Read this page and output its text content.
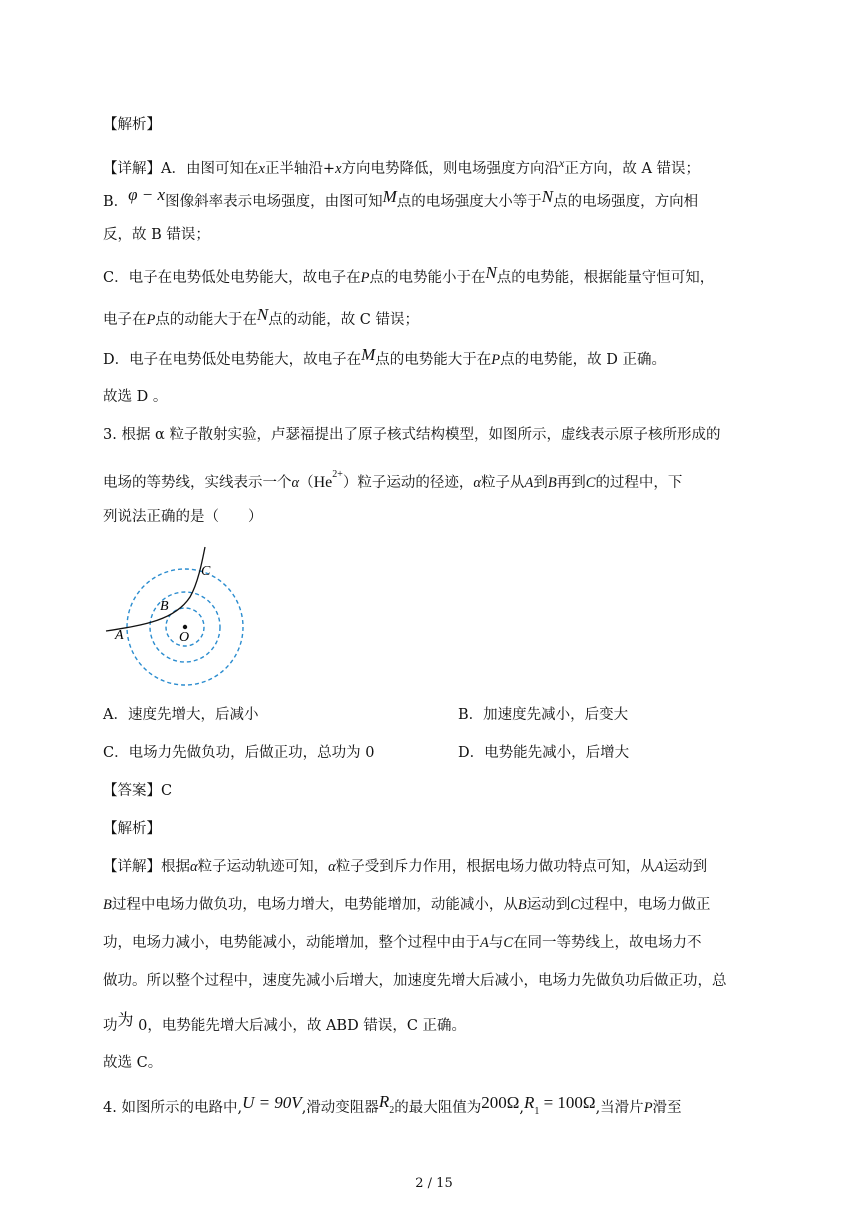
【解析】
【详解】A．由图可知在x正半轴沿+x方向电势降低，则电场强度方向沿$^x$正方向，故 A 错误；
B．φ − x图像斜率表示电场强度，由图可知M点的电场强度大小等于N点的电场强度，方向相
反，故 B 错误；
C．电子在电势低处电势能大，故电子在P点的电势能小于在N点的电势能，根据能量守恒可知，
电子在P点的动能大于在N点的动能，故 C 错误；
D．电子在电势低处电势能大，故电子在M点的电势能大于在P点的电势能，故 D 正确。
故选 D 。
3. 根据 α 粒子散射实验，卢瑟福提出了原子核式结构模型，如图所示，虚线表示原子核所形成的
电场的等势线，实线表示一个$\alpha(He^{2+})$粒子运动的径迹，α粒子从A到B再到C的过程中，下
列说法正确的是（　　）
A
B
C
O
A．速度先增大，后减小	B．加速度先减小，后变大
C．电场力先做负功，后做正功，总功为 0	D．电势能先减小，后增大
【答案】C
【解析】
【详解】根据α粒子运动轨迹可知，α粒子受到斥力作用，根据电场力做功特点可知，从A运动到
B过程中电场力做负功，电场力增大，电势能增加，动能减小，从B运动到C过程中，电场力做正
功，电场力减小，电势能减小，动能增加，整个过程中由于A与C在同一等势线上，故电场力不
做功。所以整个过程中，速度先减小后增大，加速度先增大后减小，电场力先做负功后做正功，总
功为 0，电势能先增大后减小，故 ABD 错误，C 正确。
故选 C。
4. 如图所示的电路中,U = 90V,滑动变阻器$R_2$的最大阻值为$200\Omega,R_1 = 100\Omega$,当滑片P滑至
2 / 15
